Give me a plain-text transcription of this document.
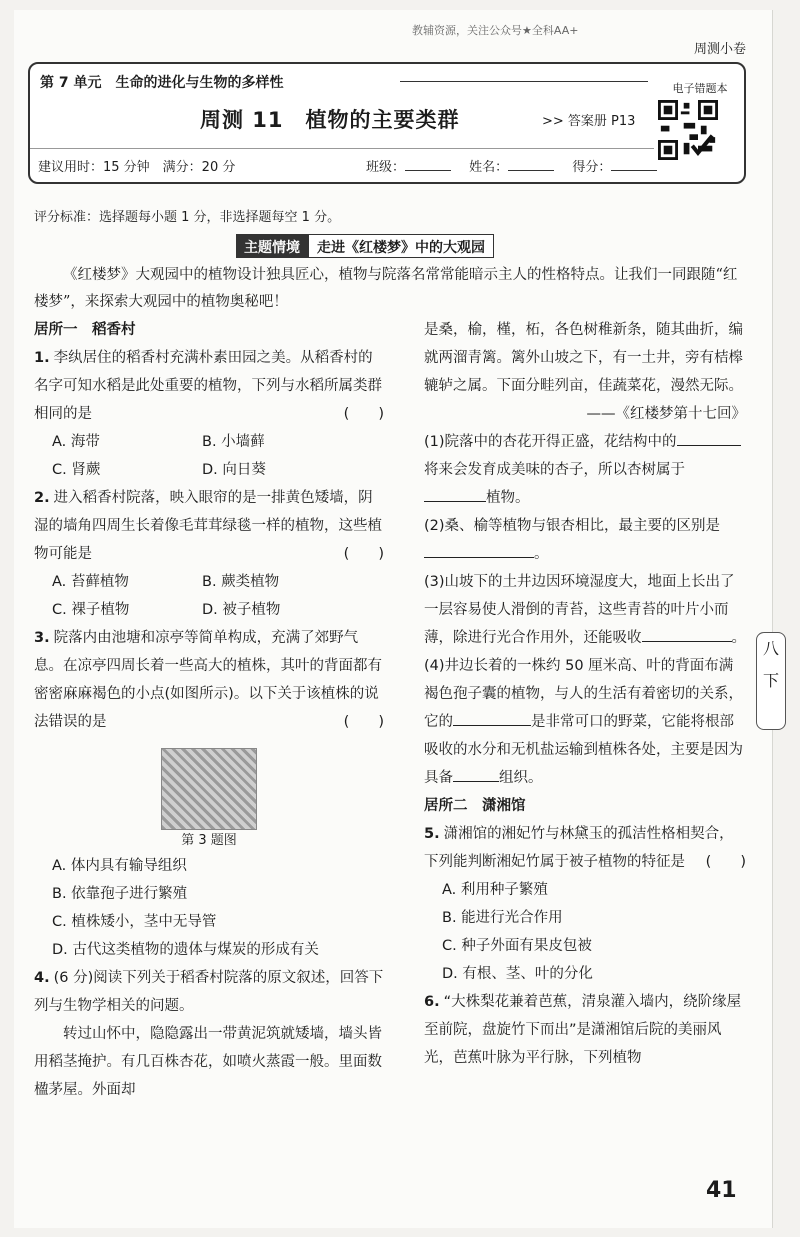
教辅资源，关注公众号★全科AA+
周测小卷
第 7 单元　生命的进化与生物的多样性
周测 11　植物的主要类群	>> 答案册 P13
建议用时：15 分钟　满分：20 分	班级：	姓名：	得分：
电子错题本
评分标准：选择题每小题 1 分，非选择题每空 1 分。
主题情境	走进《红楼梦》中的大观园
《红楼梦》大观园中的植物设计独具匠心，植物与院落名常常能暗示主人的性格特点。让我们一同跟随“红楼梦”，来探索大观园中的植物奥秘吧！
居所一　稻香村
1. 李纨居住的稻香村充满朴素田园之美。从稻香村的名字可知水稻是此处重要的植物，下列与水稻所属类群相同的是	(　　)
A. 海带	B. 小墙藓
C. 肾蕨	D. 向日葵
2. 进入稻香村院落，映入眼帘的是一排黄色矮墙，阴湿的墙角四周生长着像毛茸茸绿毯一样的植物，这些植物可能是	(　　)
A. 苔藓植物	B. 蕨类植物
C. 裸子植物	D. 被子植物
3. 院落内由池塘和凉亭等简单构成，充满了郊野气息。在凉亭四周长着一些高大的植株，其叶的背面都有密密麻麻褐色的小点(如图所示)。以下关于该植株的说法错误的是	(　　)
第 3 题图
A. 体内具有输导组织
B. 依靠孢子进行繁殖
C. 植株矮小，茎中无导管
D. 古代这类植物的遗体与煤炭的形成有关
4. (6 分)阅读下列关于稻香村院落的原文叙述，回答下列与生物学相关的问题。
转过山怀中，隐隐露出一带黄泥筑就矮墙，墙头皆用稻茎掩护。有几百株杏花，如喷火蒸霞一般。里面数楹茅屋。外面却
是桑，榆，槿，柘，各色树稚新条，随其曲折，编就两溜青篱。篱外山坡之下，有一土井，旁有桔槔辘轳之属。下面分畦列亩，佳蔬菜花，漫然无际。
——《红楼梦第十七回》
(1)院落中的杏花开得正盛，花结构中的将来会发育成美味的杏子，所以杏树属于植物。
(2)桑、榆等植物与银杏相比，最主要的区别是。
(3)山坡下的土井边因环境湿度大，地面上长出了一层容易使人滑倒的青苔，这些青苔的叶片小而薄，除进行光合作用外，还能吸收	。
(4)井边长着的一株约 50 厘米高、叶的背面布满褐色孢子囊的植物，与人的生活有着密切的关系，它的	是非常可口的野菜，它能将根部吸收的水分和无机盐运输到植株各处，主要是因为具备	组织。
居所二　潇湘馆
5. 潇湘馆的湘妃竹与林黛玉的孤洁性格相契合，下列能判断湘妃竹属于被子植物的特征是 (　　)
A. 利用种子繁殖
B. 能进行光合作用
C. 种子外面有果皮包被
D. 有根、茎、叶的分化
6. “大株梨花兼着芭蕉，清泉灌入墙内，绕阶缘屋至前院，盘旋竹下而出”是潇湘馆后院的美丽风光，芭蕉叶脉为平行脉，下列植物
八
下
41
